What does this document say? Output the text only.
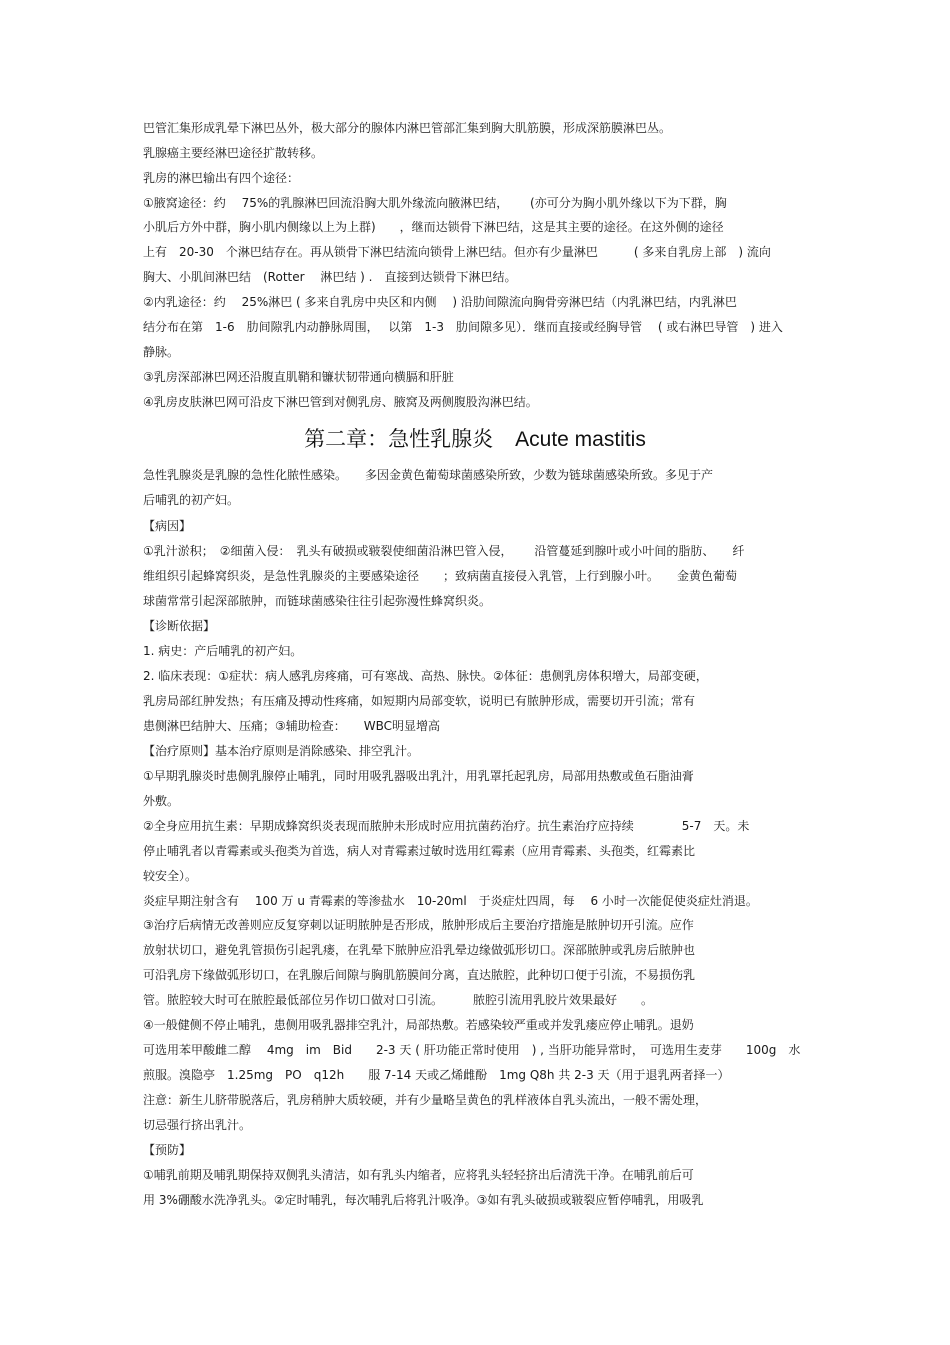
巴管汇集形成乳晕下淋巴丛外，极大部分的腺体内淋巴管部汇集到胸大肌筋膜，形成深筋膜淋巴丛。
乳腺癌主要经淋巴途径扩散转移。
乳房的淋巴输出有四个途径：
①腋窝途径：约　 75%的乳腺淋巴回流沿胸大肌外缘流向腋淋巴结，　　 (亦可分为胸小肌外缘以下为下群，胸
小肌后方外中群，胸小肌内侧缘以上为上群)　　，继而达锁骨下淋巴结，这是其主要的途径。在这外侧的途径
上有　20-30　个淋巴结存在。再从锁骨下淋巴结流向锁骨上淋巴结。但亦有少量淋巴　　　( 多来自乳房上部　) 流向
胸大、小肌间淋巴结　(Rotter　 淋巴结 ) .　直接到达锁骨下淋巴结。
②内乳途径：约　 25%淋巴 ( 多来自乳房中央区和内侧　 ) 沿肋间隙流向胸骨旁淋巴结（内乳淋巴结，内乳淋巴
结分布在第　1-6　肋间隙乳内动静脉周围，　 以第　1-3　肋间隙多见）．继而直接或经胸导管　 ( 或右淋巴导管　) 进入
静脉。
③乳房深部淋巴网还沿腹直肌鞘和镰状韧带通向横膈和肝脏
④乳房皮肤淋巴网可沿皮下淋巴管到对侧乳房、腋窝及两侧腹股沟淋巴结。
第二章：急性乳腺炎 Acute mastitis
急性乳腺炎是乳腺的急性化脓性感染。　　多因金黄色葡萄球菌感染所致，少数为链球菌感染所致。多见于产
后哺乳的初产妇。
【病因】
①乳汁淤积；　②细菌入侵：　乳头有破损或皲裂使细菌沿淋巴管入侵，　　 沿管蔓延到腺叶或小叶间的脂肪、　　纤
维组织引起蜂窝织炎，是急性乳腺炎的主要感染途径　　；致病菌直接侵入乳管，上行到腺小叶。　　金黄色葡萄
球菌常常引起深部脓肿，而链球菌感染往往引起弥漫性蜂窝织炎。
【诊断依据】
1. 病史：产后哺乳的初产妇。
2. 临床表现：①症状：病人感乳房疼痛，可有寒战、高热、脉快。②体征：患侧乳房体积增大，局部变硬，
乳房局部红肿发热；有压痛及搏动性疼痛，如短期内局部变软，说明已有脓肿形成，需要切开引流；常有
患侧淋巴结肿大、压痛；③辅助检查：　　WBC明显增高
【治疗原则】基本治疗原则是消除感染、排空乳汁。
①早期乳腺炎时患侧乳腺停止哺乳，同时用吸乳器吸出乳汁，用乳罩托起乳房，局部用热敷或鱼石脂油膏
外敷。
②全身应用抗生素：早期成蜂窝织炎表现而脓肿未形成时应用抗菌药治疗。抗生素治疗应持续　　　　5-7　天。未
停止哺乳者以青霉素或头孢类为首选，病人对青霉素过敏时选用红霉素（应用青霉素、头孢类，红霉素比
较安全）。
炎症早期注射含有　 100 万 u 青霉素的等渗盐水　10-20ml　于炎症灶四周，每　 6 小时一次能促使炎症灶消退。
③治疗后病情无改善则应反复穿刺以证明脓肿是否形成，脓肿形成后主要治疗措施是脓肿切开引流。应作
放射状切口，避免乳管损伤引起乳瘘，在乳晕下脓肿应沿乳晕边缘做弧形切口。深部脓肿或乳房后脓肿也
可沿乳房下缘做弧形切口，在乳腺后间隙与胸肌筋膜间分离，直达脓腔，此种切口便于引流，不易损伤乳
管。脓腔较大时可在脓腔最低部位另作切口做对口引流。　　　脓腔引流用乳胶片效果最好　　。
④一般健侧不停止哺乳，患侧用吸乳器排空乳汁，局部热敷。若感染较严重或并发乳瘘应停止哺乳。退奶
可选用苯甲酸雌二醇　 4mg　im　Bid　　2-3 天 ( 肝功能正常时使用　) , 当肝功能异常时，　可选用生麦芽　　100g　水
煎服。溴隐亭　1.25mg　PO　q12h　　服 7-14 天或乙烯雌酚　1mg Q8h 共 2-3 天（用于退乳两者择一）
注意：新生儿脐带脱落后，乳房稍肿大质较硬，并有少量略呈黄色的乳样液体自乳头流出，一般不需处理，
切忌强行挤出乳汁。
【预防】
①哺乳前期及哺乳期保持双侧乳头清洁，如有乳头内缩者，应将乳头轻轻挤出后清洗干净。在哺乳前后可
用 3%硼酸水洗净乳头。②定时哺乳，每次哺乳后将乳汁吸净。③如有乳头破损或皲裂应暂停哺乳，用吸乳
